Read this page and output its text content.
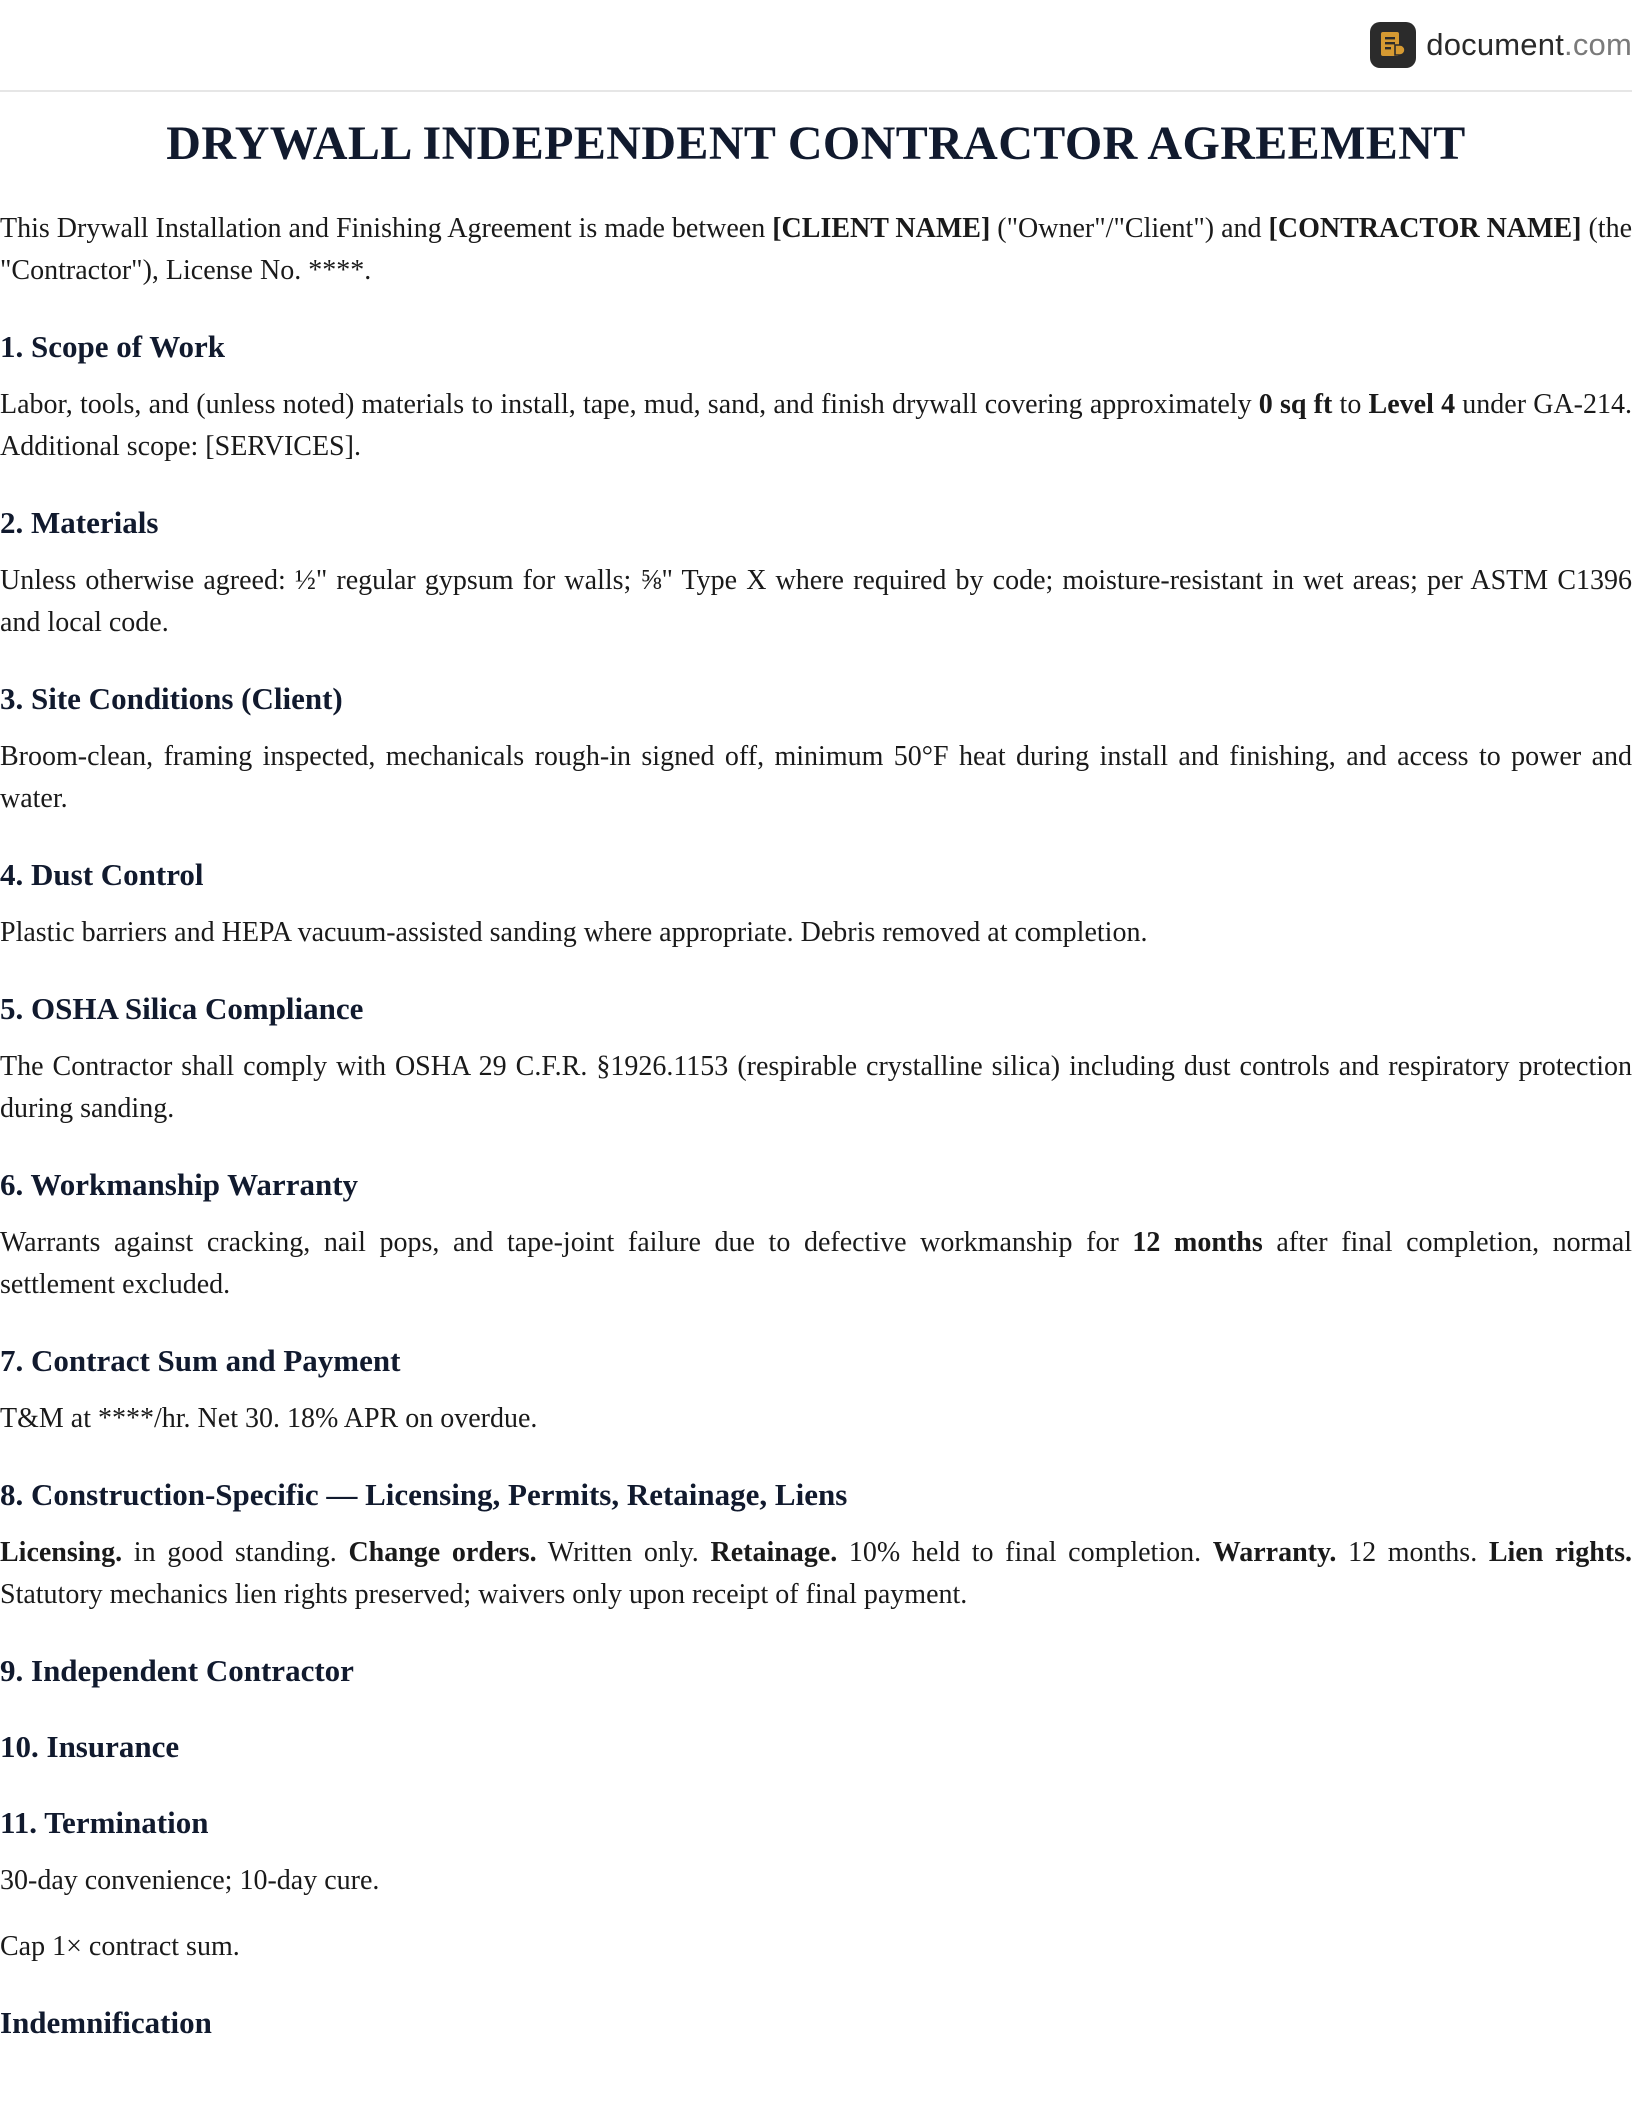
document.com
DRYWALL INDEPENDENT CONTRACTOR AGREEMENT

This Drywall Installation and Finishing Agreement is made between [CLIENT NAME] ("Owner"/"Client") and [CONTRACTOR NAME] (the "Contractor"), License No. ****.

1. Scope of Work

Labor, tools, and (unless noted) materials to install, tape, mud, sand, and finish drywall covering approximately 0 sq ft to Level 4 under GA-214. Additional scope: [SERVICES].

2. Materials

Unless otherwise agreed: ½" regular gypsum for walls; ⅝" Type X where required by code; moisture-resistant in wet areas; per ASTM C1396 and local code.

3. Site Conditions (Client)

Broom-clean, framing inspected, mechanicals rough-in signed off, minimum 50°F heat during install and finishing, and access to power and water.

4. Dust Control

Plastic barriers and HEPA vacuum-assisted sanding where appropriate. Debris removed at completion.

5. OSHA Silica Compliance

The Contractor shall comply with OSHA 29 C.F.R. §1926.1153 (respirable crystalline silica) including dust controls and respiratory protection during sanding.

6. Workmanship Warranty

Warrants against cracking, nail pops, and tape-joint failure due to defective workmanship for 12 months after final completion, normal settlement excluded.

7. Contract Sum and Payment

T&M at ****/hr. Net 30. 18% APR on overdue.

8. Construction-Specific — Licensing, Permits, Retainage, Liens

Licensing. in good standing. Change orders. Written only. Retainage. 10% held to final completion. Warranty. 12 months. Lien rights. Statutory mechanics lien rights preserved; waivers only upon receipt of final payment.

9. Independent Contractor
10. Insurance
11. Termination

30-day convenience; 10-day cure.

Cap 1× contract sum.

Indemnification
